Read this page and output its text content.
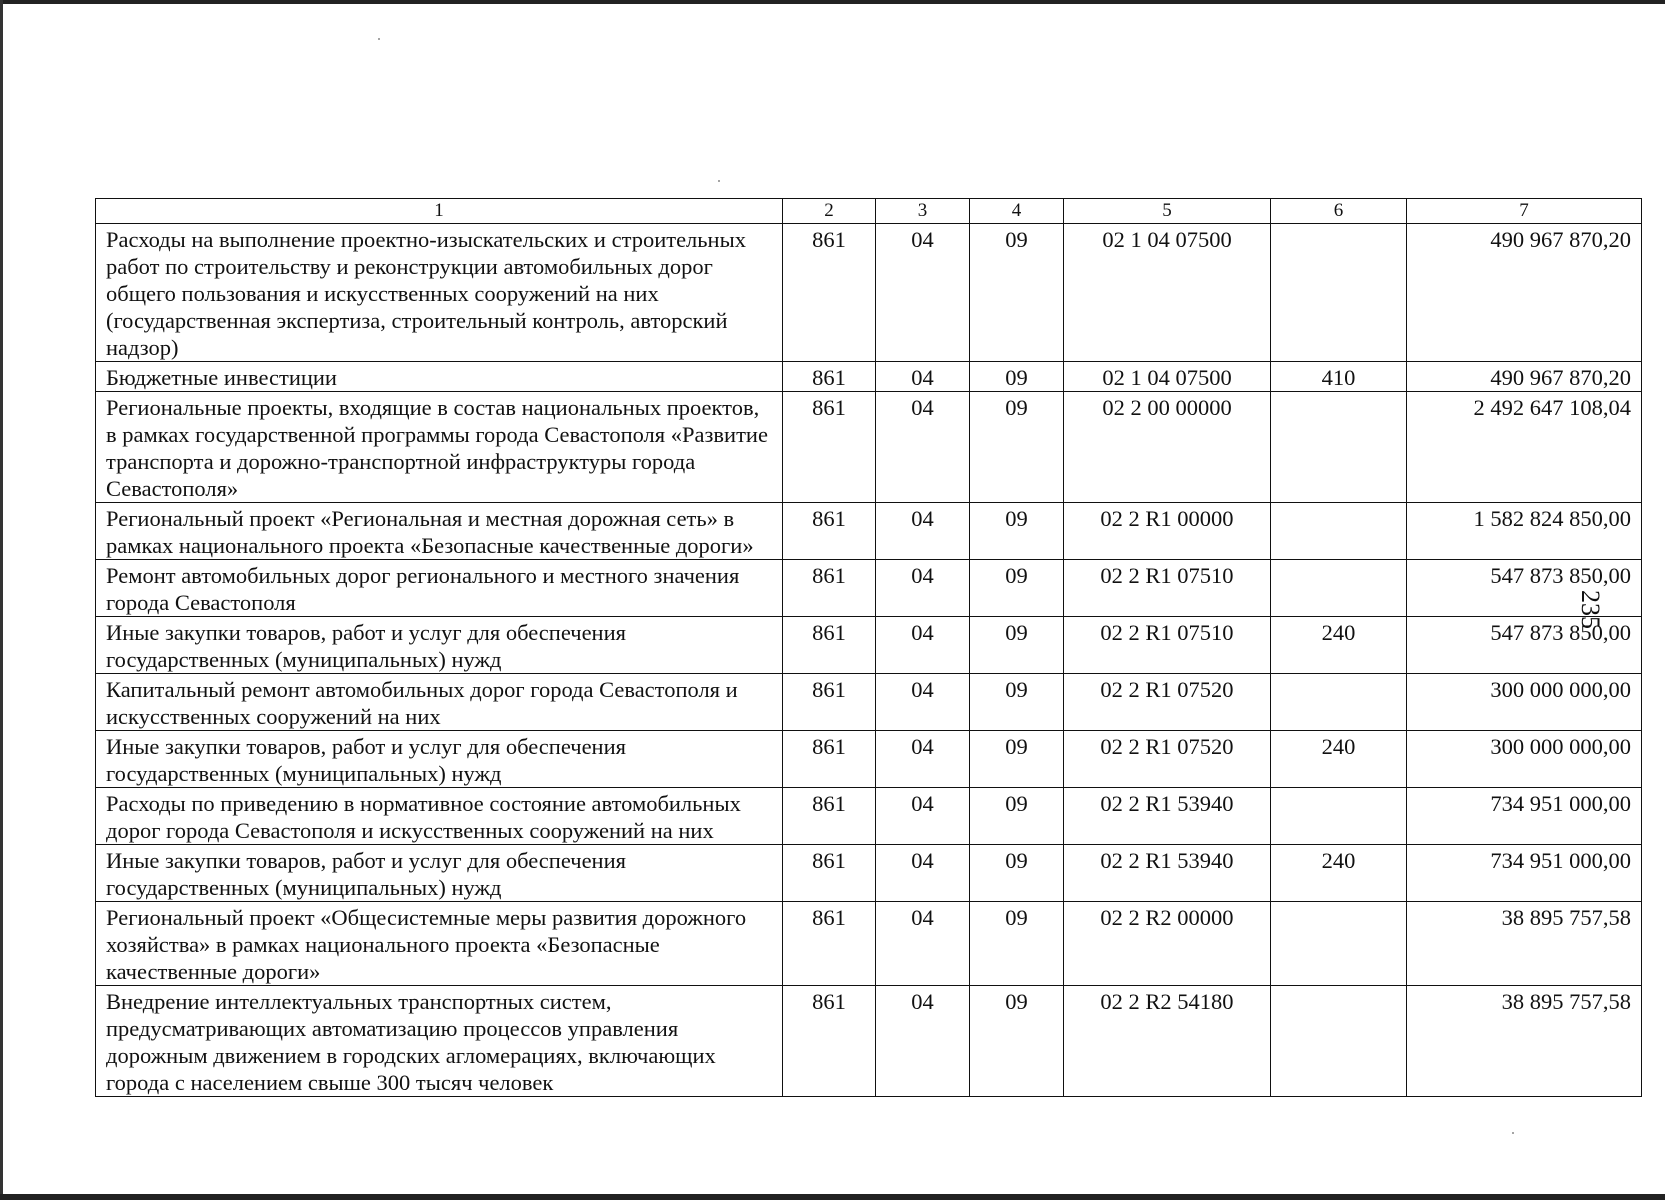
1	2	3	4	5	6	7
Расходы на выполнение проектно-изыскательских и строительных работ по строительству и реконструкции автомобильных дорог общего пользования и искусственных сооружений на них (государственная экспертиза, строительный контроль, авторский надзор)	861	04	09	02 1 04 07500		490 967 870,20
Бюджетные инвестиции	861	04	09	02 1 04 07500	410	490 967 870,20
Региональные проекты, входящие в состав национальных проектов, в рамках государственной программы города Севастополя «Развитие транспорта и дорожно-транспортной инфраструктуры города Севастополя»	861	04	09	02 2 00 00000		2 492 647 108,04
Региональный проект «Региональная и местная дорожная сеть» в рамках национального проекта «Безопасные качественные дороги»	861	04	09	02 2 R1 00000		1 582 824 850,00
Ремонт автомобильных дорог регионального и местного значения города Севастополя	861	04	09	02 2 R1 07510		547 873 850,00
Иные закупки товаров, работ и услуг для обеспечения государственных (муниципальных) нужд	861	04	09	02 2 R1 07510	240	547 873 850,00
Капитальный ремонт автомобильных дорог города Севастополя и искусственных сооружений на них	861	04	09	02 2 R1 07520		300 000 000,00
Иные закупки товаров, работ и услуг для обеспечения государственных (муниципальных) нужд	861	04	09	02 2 R1 07520	240	300 000 000,00
Расходы по приведению в нормативное состояние автомобильных дорог города Севастополя и искусственных сооружений на них	861	04	09	02 2 R1 53940		734 951 000,00
Иные закупки товаров, работ и услуг для обеспечения государственных (муниципальных) нужд	861	04	09	02 2 R1 53940	240	734 951 000,00
Региональный проект «Общесистемные меры развития дорожного хозяйства» в рамках национального проекта «Безопасные качественные дороги»	861	04	09	02 2 R2 00000		38 895 757,58
Внедрение интеллектуальных транспортных систем, предусматривающих автоматизацию процессов управления дорожным движением в городских агломерациях, включающих города с населением свыше 300 тысяч человек	861	04	09	02 2 R2 54180		38 895 757,58
235
